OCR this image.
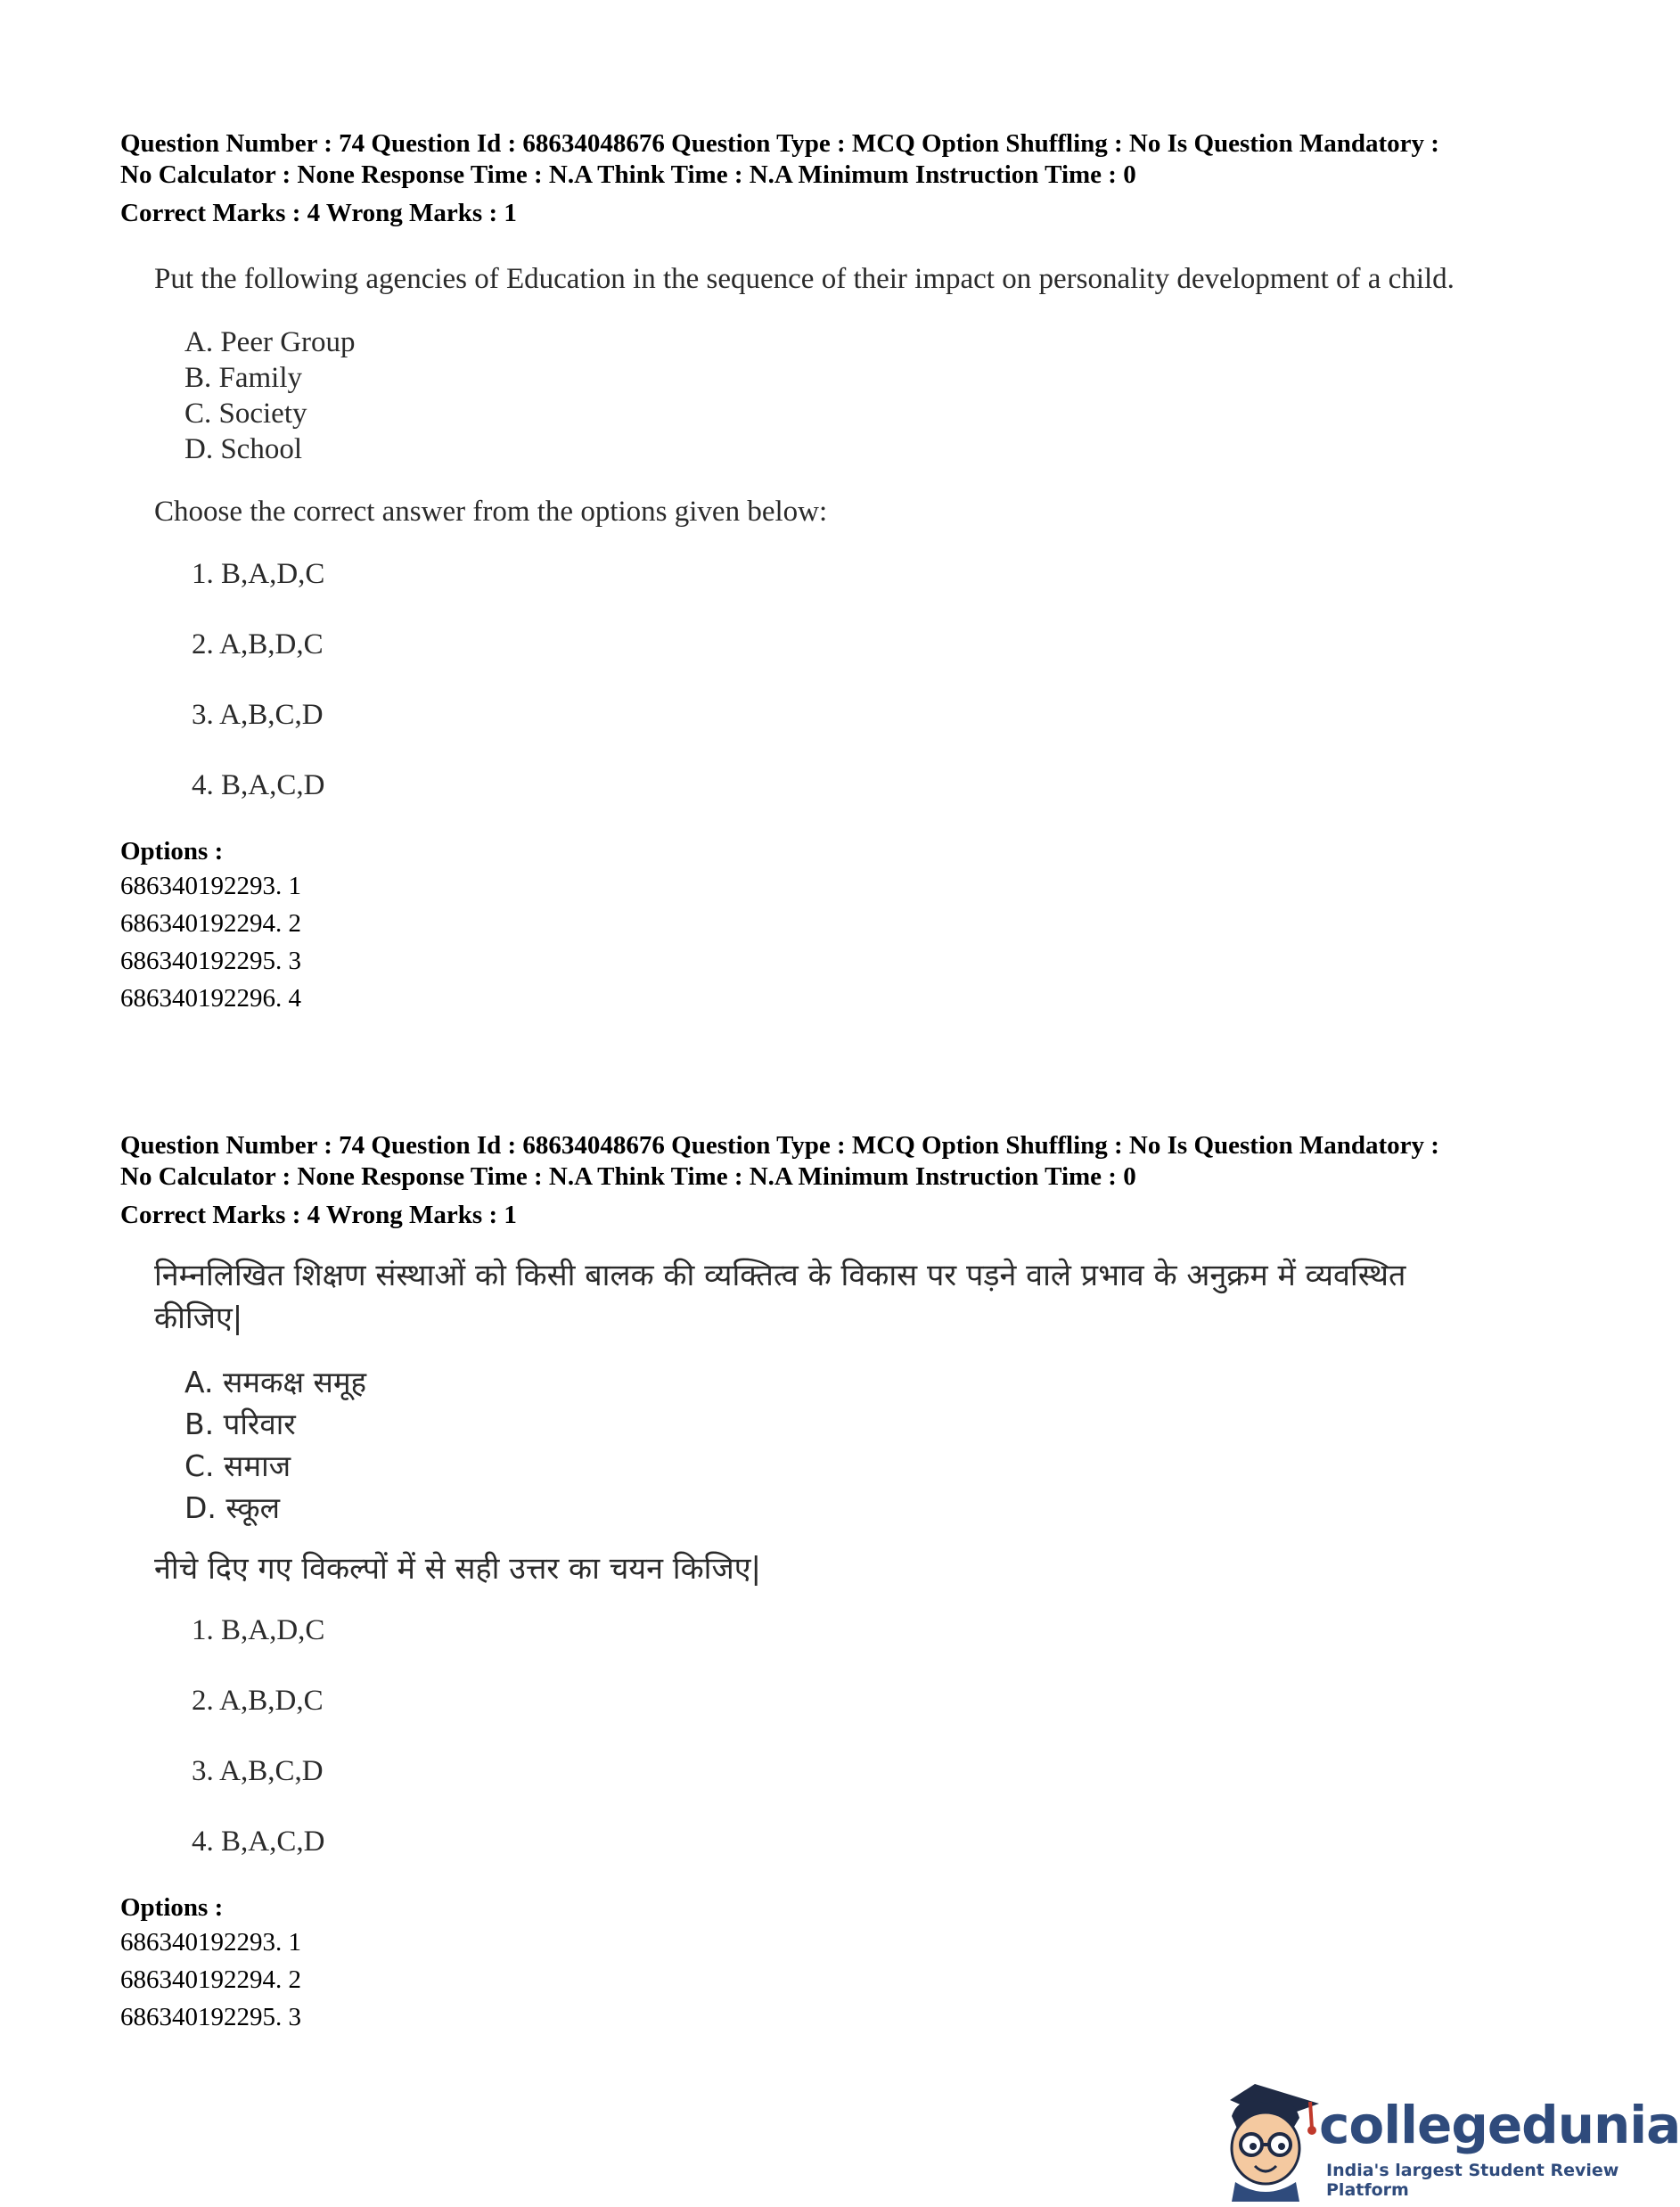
Question Number : 74 Question Id : 68634048676 Question Type : MCQ Option Shuffling : No Is Question Mandatory :
No Calculator : None Response Time : N.A Think Time : N.A Minimum Instruction Time : 0
Correct Marks : 4 Wrong Marks : 1
Put the following agencies of Education in the sequence of their impact on personality development of a child.
A. Peer Group
B. Family
C. Society
D. School
Choose the correct answer from the options given below:
1. B,A,D,C
2. A,B,D,C
3. A,B,C,D
4. B,A,C,D
Options :
686340192293. 1
686340192294. 2
686340192295. 3
686340192296. 4
Question Number : 74 Question Id : 68634048676 Question Type : MCQ Option Shuffling : No Is Question Mandatory :
No Calculator : None Response Time : N.A Think Time : N.A Minimum Instruction Time : 0
Correct Marks : 4 Wrong Marks : 1
निम्नलिखित शिक्षण संस्थाओं को किसी बालक की व्यक्तित्व के विकास पर पड़ने वाले प्रभाव के अनुक्रम में व्यवस्थित कीजिए|
A. समकक्ष समूह
B. परिवार
C. समाज
D. स्कूल
नीचे दिए गए विकल्पों में से सही उत्तर का चयन किजिए|
1. B,A,D,C
2. A,B,D,C
3. A,B,C,D
4. B,A,C,D
Options :
686340192293. 1
686340192294. 2
686340192295. 3
collegedunia
India's largest Student Review Platform
